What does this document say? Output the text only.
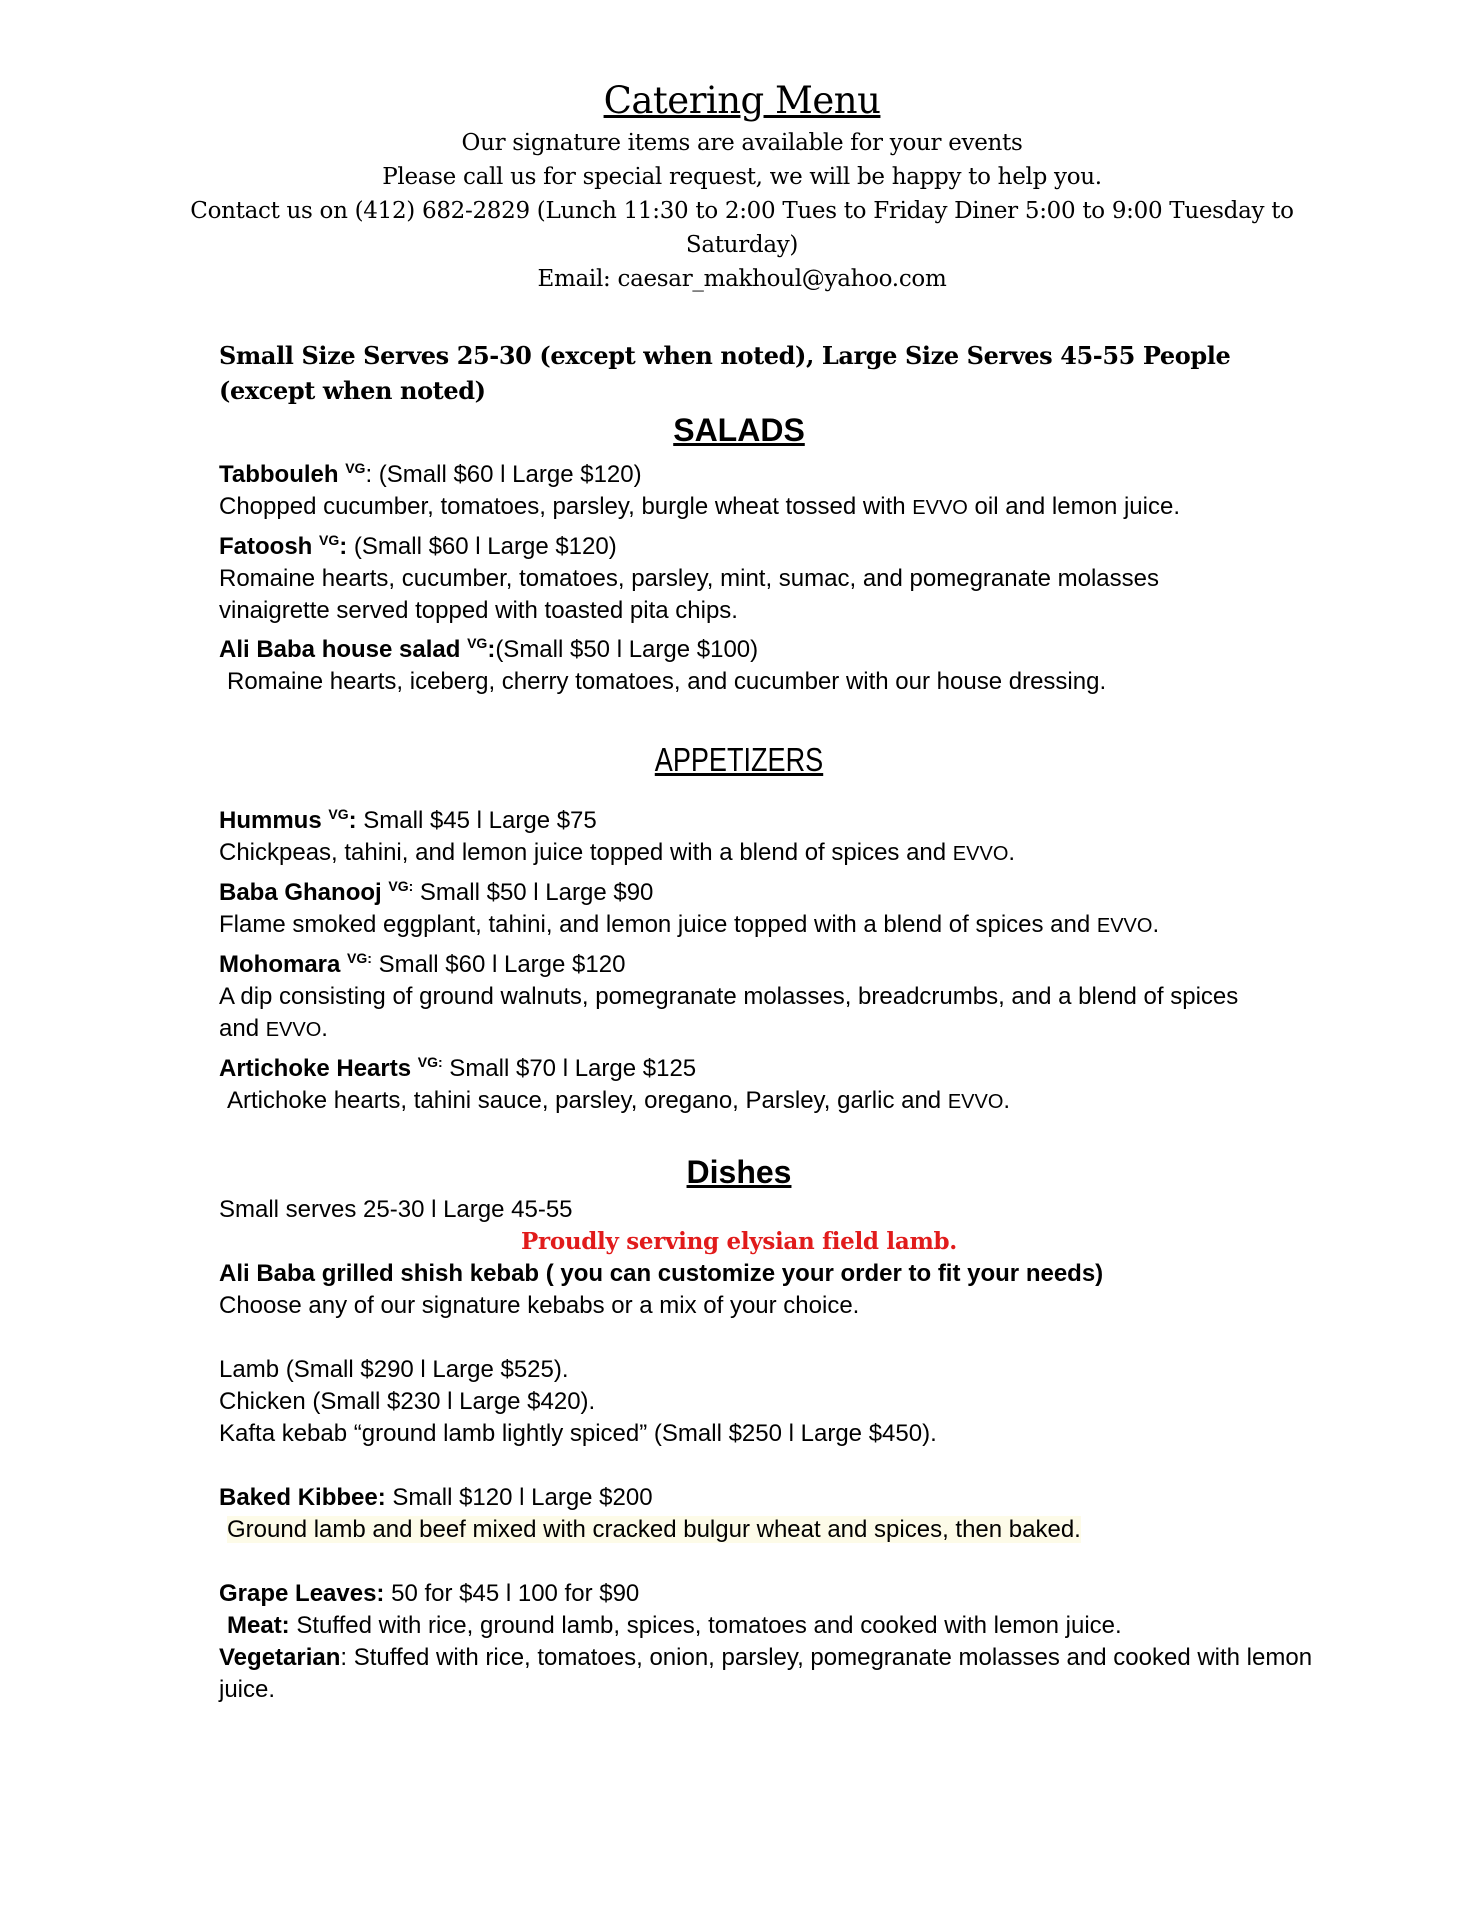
Catering Menu
Our signature items are available for your events
Please call us for special request, we will be happy to help you.
Contact us on (412) 682-2829 (Lunch 11:30 to 2:00 Tues to Friday Diner 5:00 to 9:00 Tuesday to Saturday)
Email: caesar_makhoul@yahoo.com
Small Size Serves 25-30 (except when noted), Large Size Serves 45-55 People (except when noted)
SALADS
Tabbouleh $^{VG}$: (Small $60 l Large $120)
Chopped cucumber, tomatoes, parsley, burgle wheat tossed with EVVO oil and lemon juice.
Fatoosh $^{VG}$: (Small $60 l Large $120)
Romaine hearts, cucumber, tomatoes, parsley, mint, sumac, and pomegranate molasses vinaigrette served topped with toasted pita chips.
Ali Baba house salad $^{VG}$:(Small $50 l Large $100)
Romaine hearts, iceberg, cherry tomatoes, and cucumber with our house dressing.
APPETIZERS
Hummus $^{VG}$: Small $45 l Large $75
Chickpeas, tahini, and lemon juice topped with a blend of spices and EVVO.
Baba Ghanooj $^{VG:}$ Small $50 l Large $90
Flame smoked eggplant, tahini, and lemon juice topped with a blend of spices and EVVO.
Mohomara $^{VG:}$ Small $60 l Large $120
A dip consisting of ground walnuts, pomegranate molasses, breadcrumbs, and a blend of spices and EVVO.
Artichoke Hearts $^{VG:}$ Small $70 l Large $125
Artichoke hearts, tahini sauce, parsley, oregano, Parsley, garlic and EVVO.
Dishes
Small serves 25-30 l Large 45-55
Proudly serving elysian field lamb.
Ali Baba grilled shish kebab ( you can customize your order to fit your needs)
Choose any of our signature kebabs or a mix of your choice.
Lamb (Small $290 l Large $525).
Chicken (Small $230 l Large $420).
Kafta kebab “ground lamb lightly spiced” (Small $250 l Large $450).
Baked Kibbee: Small $120 l Large $200
Ground lamb and beef mixed with cracked bulgur wheat and spices, then baked.
Grape Leaves: 50 for $45 l 100 for $90
Meat: Stuffed with rice, ground lamb, spices, tomatoes and cooked with lemon juice.
Vegetarian: Stuffed with rice, tomatoes, onion, parsley, pomegranate molasses and cooked with lemon juice.
